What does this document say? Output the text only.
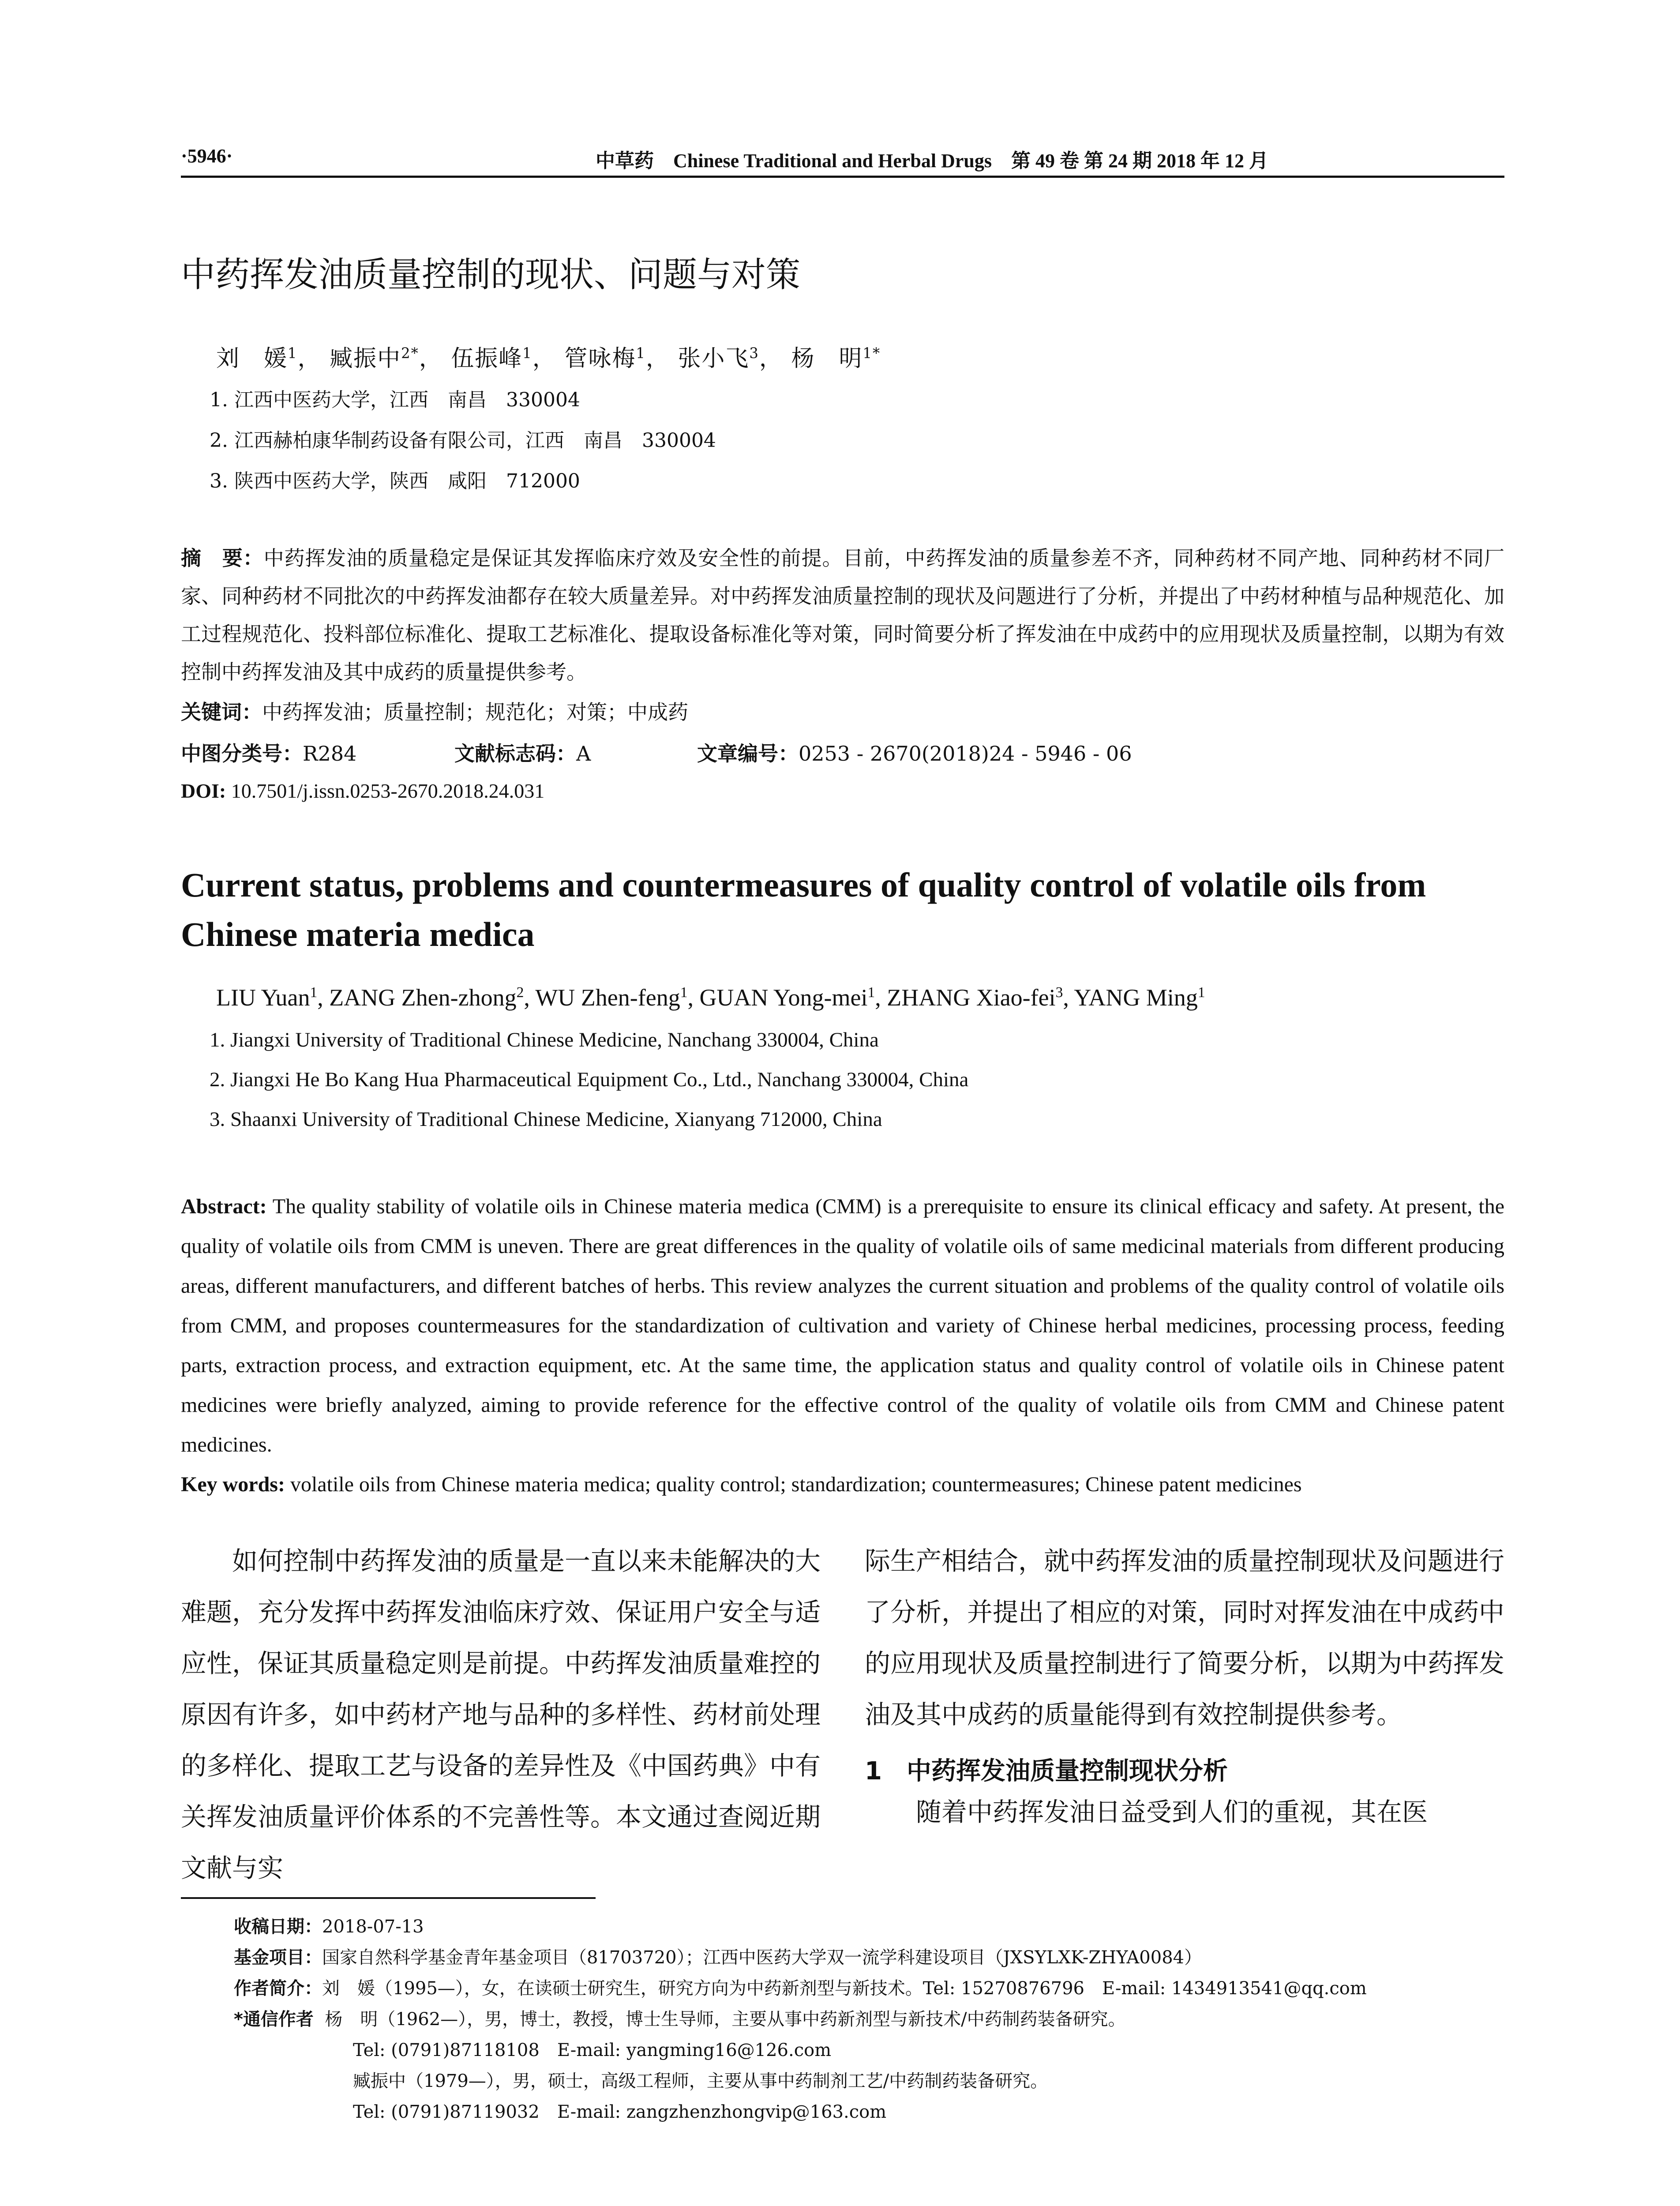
·5946·	中草药 Chinese Traditional and Herbal Drugs 第 49 卷 第 24 期 2018 年 12 月
中药挥发油质量控制的现状、问题与对策
刘　媛$^1$， 臧振中$^{2*}$， 伍振峰$^1$， 管咏梅$^1$， 张小飞$^3$， 杨　明$^{1*}$
1. 江西中医药大学，江西　南昌　330004
2. 江西赫柏康华制药设备有限公司，江西　南昌　330004
3. 陕西中医药大学，陕西　咸阳　712000
摘　要：中药挥发油的质量稳定是保证其发挥临床疗效及安全性的前提。目前，中药挥发油的质量参差不齐，同种药材不同产地、同种药材不同厂家、同种药材不同批次的中药挥发油都存在较大质量差异。对中药挥发油质量控制的现状及问题进行了分析，并提出了中药材种植与品种规范化、加工过程规范化、投料部位标准化、提取工艺标准化、提取设备标准化等对策，同时简要分析了挥发油在中成药中的应用现状及质量控制，以期为有效控制中药挥发油及其中成药的质量提供参考。
关键词：中药挥发油；质量控制；规范化；对策；中成药
中图分类号：R284	文献标志码：A	文章编号：0253 - 2670(2018)24 - 5946 - 06
DOI: 10.7501/j.issn.0253-2670.2018.24.031
Current status, problems and countermeasures of quality control of volatile oils from Chinese materia medica
LIU Yuan$^1$, ZANG Zhen-zhong$^2$, WU Zhen-feng$^1$, GUAN Yong-mei$^1$, ZHANG Xiao-fei$^3$, YANG Ming$^1$
1. Jiangxi University of Traditional Chinese Medicine, Nanchang 330004, China
2. Jiangxi He Bo Kang Hua Pharmaceutical Equipment Co., Ltd., Nanchang 330004, China
3. Shaanxi University of Traditional Chinese Medicine, Xianyang 712000, China
Abstract: The quality stability of volatile oils in Chinese materia medica (CMM) is a prerequisite to ensure its clinical efficacy and safety. At present, the quality of volatile oils from CMM is uneven. There are great differences in the quality of volatile oils of same medicinal materials from different producing areas, different manufacturers, and different batches of herbs. This review analyzes the current situation and problems of the quality control of volatile oils from CMM, and proposes countermeasures for the standardization of cultivation and variety of Chinese herbal medicines, processing process, feeding parts, extraction process, and extraction equipment, etc. At the same time, the application status and quality control of volatile oils in Chinese patent medicines were briefly analyzed, aiming to provide reference for the effective control of the quality of volatile oils from CMM and Chinese patent medicines.
Key words: volatile oils from Chinese materia medica; quality control; standardization; countermeasures; Chinese patent medicines
如何控制中药挥发油的质量是一直以来未能解决的大难题，充分发挥中药挥发油临床疗效、保证用户安全与适应性，保证其质量稳定则是前提。中药挥发油质量难控的原因有许多，如中药材产地与品种的多样性、药材前处理的多样化、提取工艺与设备的差异性及《中国药典》中有关挥发油质量评价体系的不完善性等。本文通过查阅近期文献与实
际生产相结合，就中药挥发油的质量控制现状及问题进行了分析，并提出了相应的对策，同时对挥发油在中成药中的应用现状及质量控制进行了简要分析，以期为中药挥发油及其中成药的质量能得到有效控制提供参考。
1　中药挥发油质量控制现状分析
随着中药挥发油日益受到人们的重视，其在医
收稿日期：2018-07-13
基金项目：国家自然科学基金青年基金项目（81703720）；江西中医药大学双一流学科建设项目（JXSYLXK-ZHYA0084）
作者简介：刘　媛（1995—），女，在读硕士研究生，研究方向为中药新剂型与新技术。Tel: 15270876796　E-mail: 1434913541@qq.com
*通信作者 杨　明（1962—），男，博士，教授，博士生导师，主要从事中药新剂型与新技术/中药制药装备研究。
Tel: (0791)87118108　E-mail: yangming16@126.com
臧振中（1979—），男，硕士，高级工程师，主要从事中药制剂工艺/中药制药装备研究。
Tel: (0791)87119032　E-mail: zangzhenzhongvip@163.com
